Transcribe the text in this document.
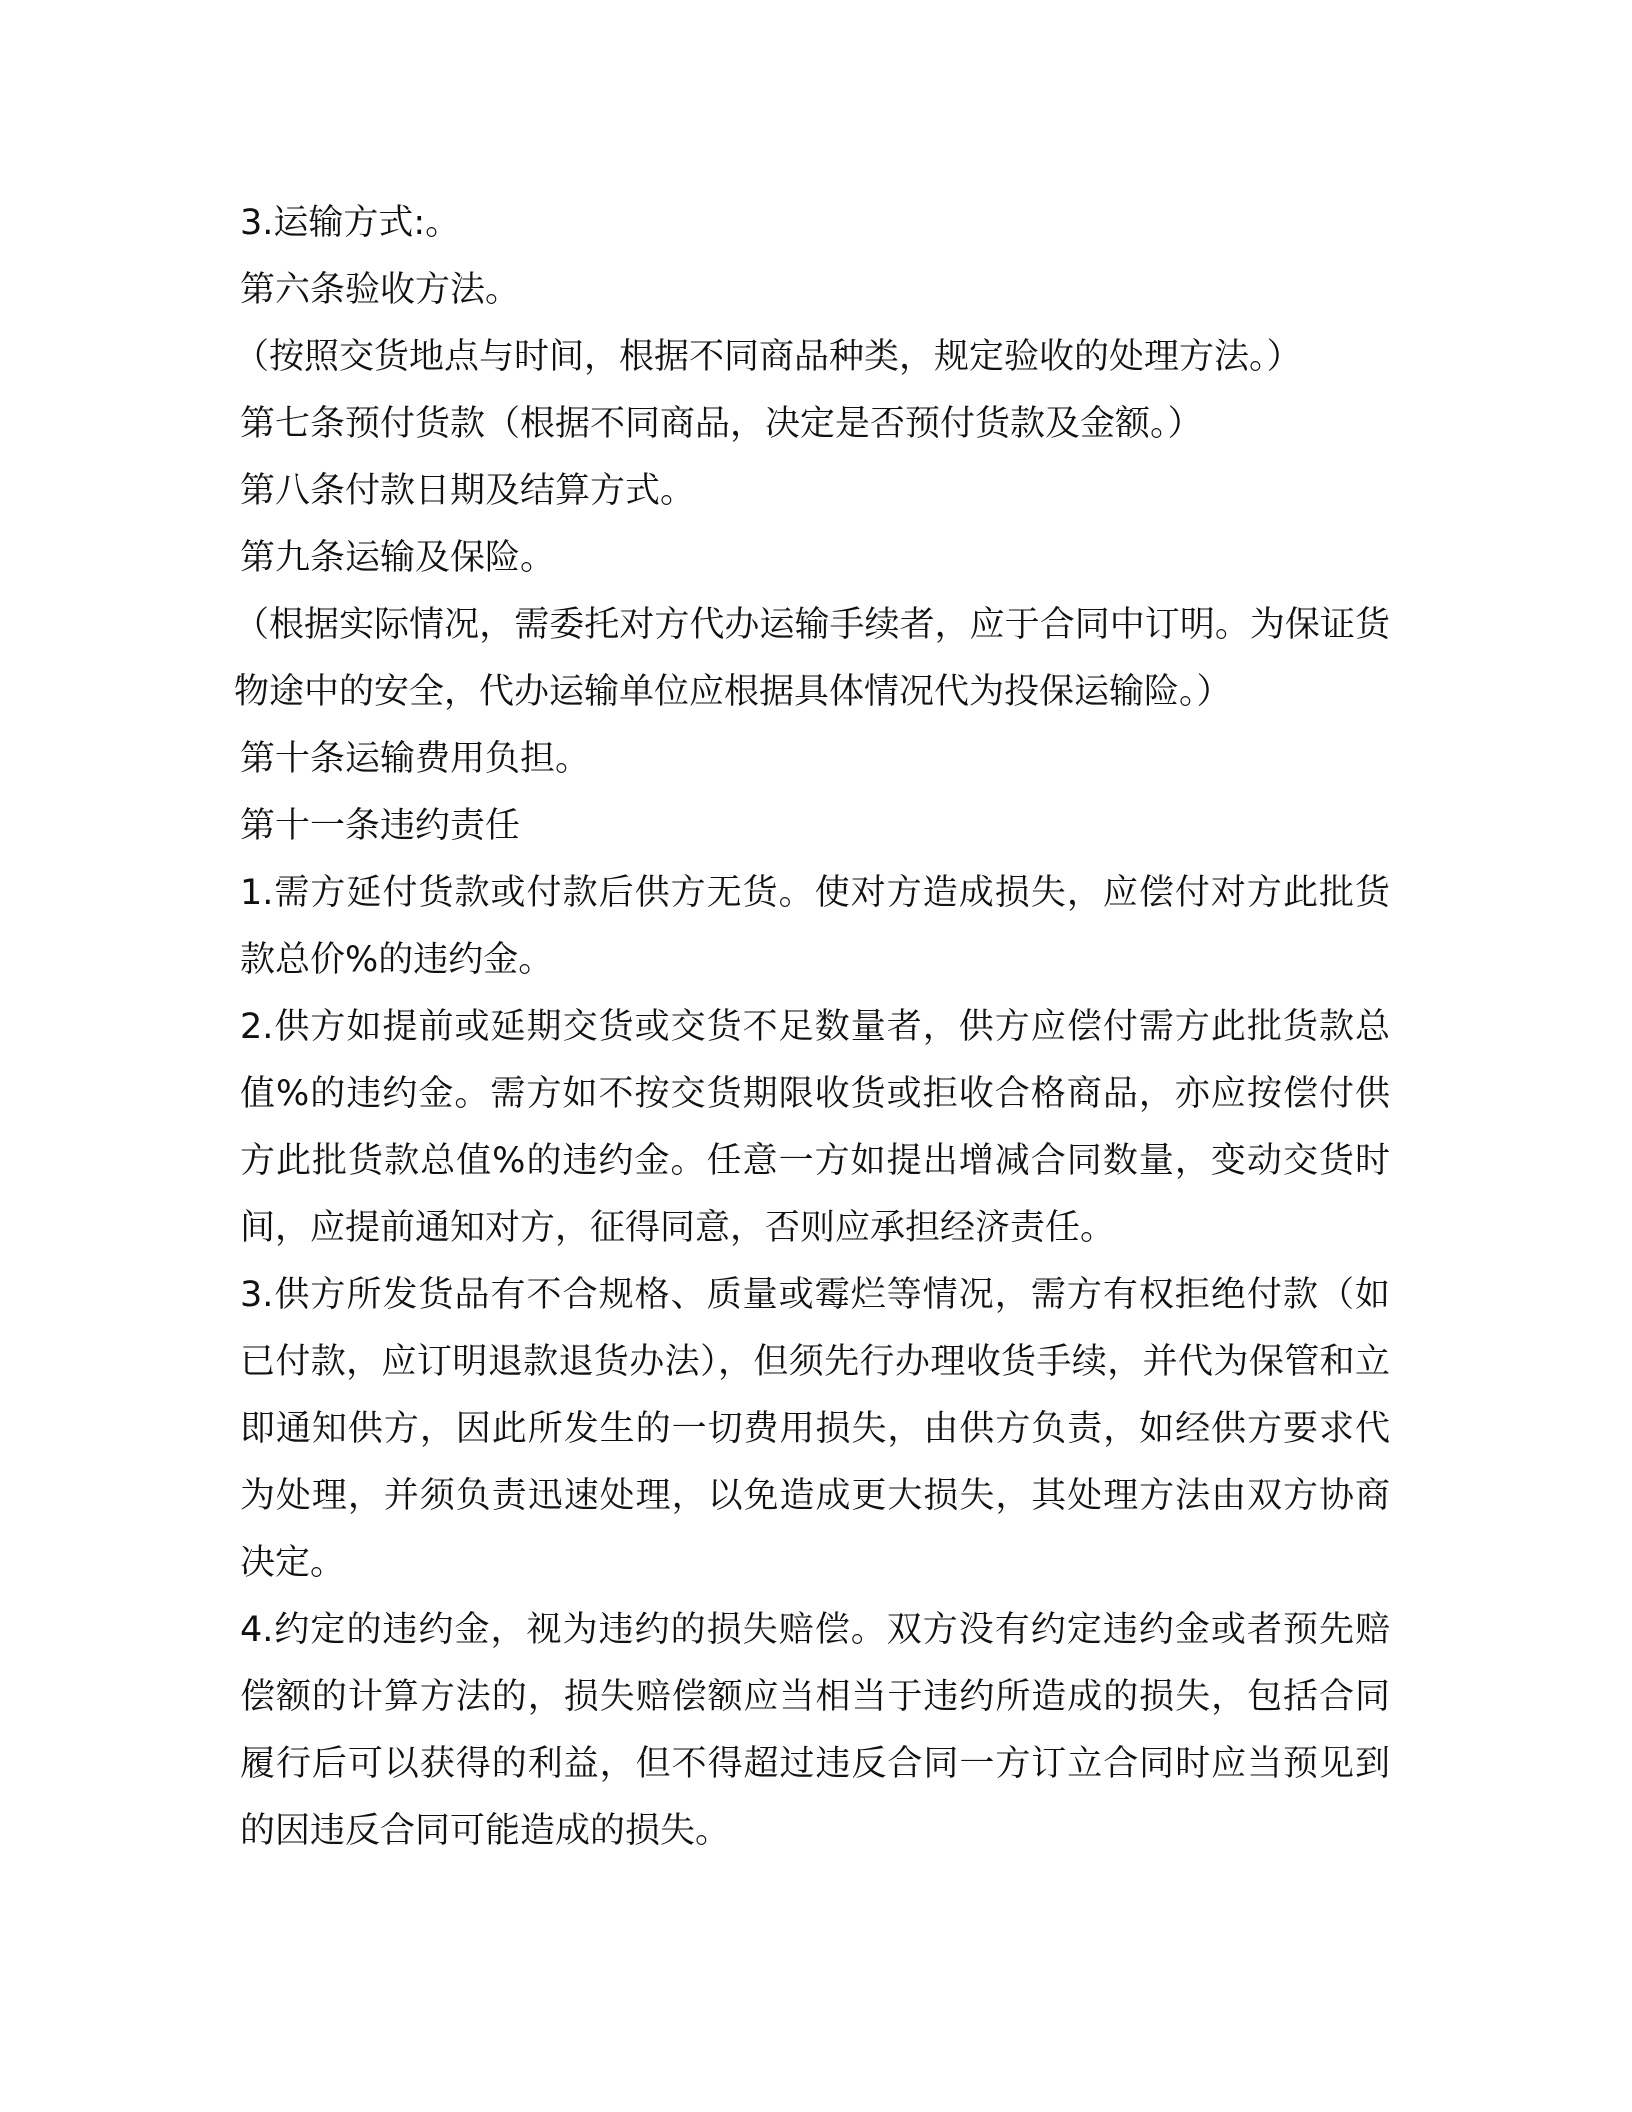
3.运输方式:。

第六条验收方法。

（按照交货地点与时间，根据不同商品种类，规定验收的处理方法。）

第七条预付货款（根据不同商品，决定是否预付货款及金额。）

第八条付款日期及结算方式。

第九条运输及保险。

（根据实际情况，需委托对方代办运输手续者，应于合同中订明。为保证货物途中的安全，代办运输单位应根据具体情况代为投保运输险。）

第十条运输费用负担。

第十一条违约责任

1.需方延付货款或付款后供方无货。使对方造成损失，应偿付对方此批货款总价%的违约金。

2.供方如提前或延期交货或交货不足数量者，供方应偿付需方此批货款总值%的违约金。需方如不按交货期限收货或拒收合格商品，亦应按偿付供方此批货款总值%的违约金。任意一方如提出增减合同数量，变动交货时间，应提前通知对方，征得同意，否则应承担经济责任。

3.供方所发货品有不合规格、质量或霉烂等情况，需方有权拒绝付款（如已付款，应订明退款退货办法），但须先行办理收货手续，并代为保管和立即通知供方，因此所发生的一切费用损失，由供方负责，如经供方要求代为处理，并须负责迅速处理，以免造成更大损失，其处理方法由双方协商决定。

4.约定的违约金，视为违约的损失赔偿。双方没有约定违约金或者预先赔偿额的计算方法的，损失赔偿额应当相当于违约所造成的损失，包括合同履行后可以获得的利益，但不得超过违反合同一方订立合同时应当预见到的因违反合同可能造成的损失。
